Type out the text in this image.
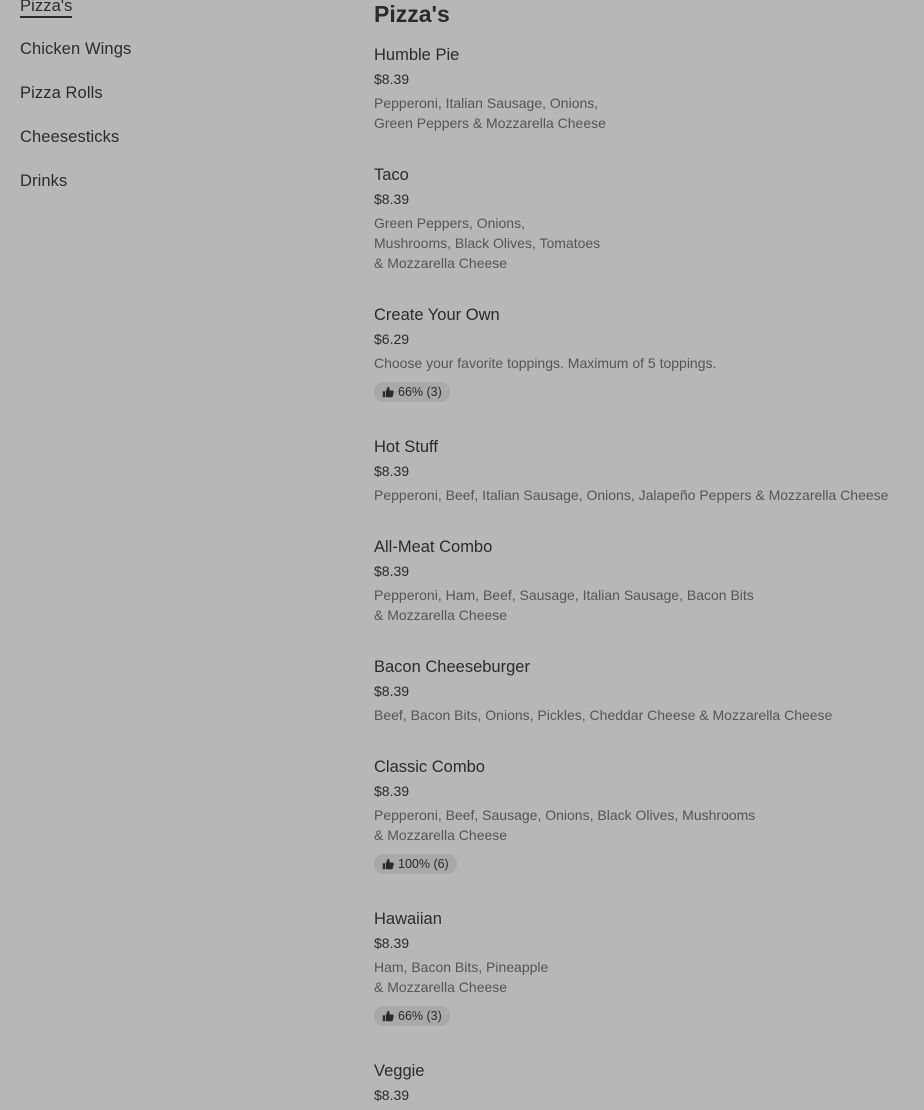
Pizza's
Chicken Wings
Pizza Rolls
Cheesesticks
Drinks
Pizza's
Humble Pie
$8.39
Pepperoni, Italian Sausage, Onions,
Green Peppers & Mozzarella Cheese
Taco
$8.39
Green Peppers, Onions,
Mushrooms, Black Olives, Tomatoes
& Mozzarella Cheese
Create Your Own
$6.29
Choose your favorite toppings. Maximum of 5 toppings.
66% (3)
Hot Stuff
$8.39
Pepperoni, Beef, Italian Sausage, Onions, Jalapeño Peppers & Mozzarella Cheese
All-Meat Combo
$8.39
Pepperoni, Ham, Beef, Sausage, Italian Sausage, Bacon Bits
& Mozzarella Cheese
Bacon Cheeseburger
$8.39
Beef, Bacon Bits, Onions, Pickles, Cheddar Cheese & Mozzarella Cheese
Classic Combo
$8.39
Pepperoni, Beef, Sausage, Onions, Black Olives, Mushrooms
& Mozzarella Cheese
100% (6)
Hawaiian
$8.39
Ham, Bacon Bits, Pineapple
& Mozzarella Cheese
66% (3)
Veggie
$8.39
